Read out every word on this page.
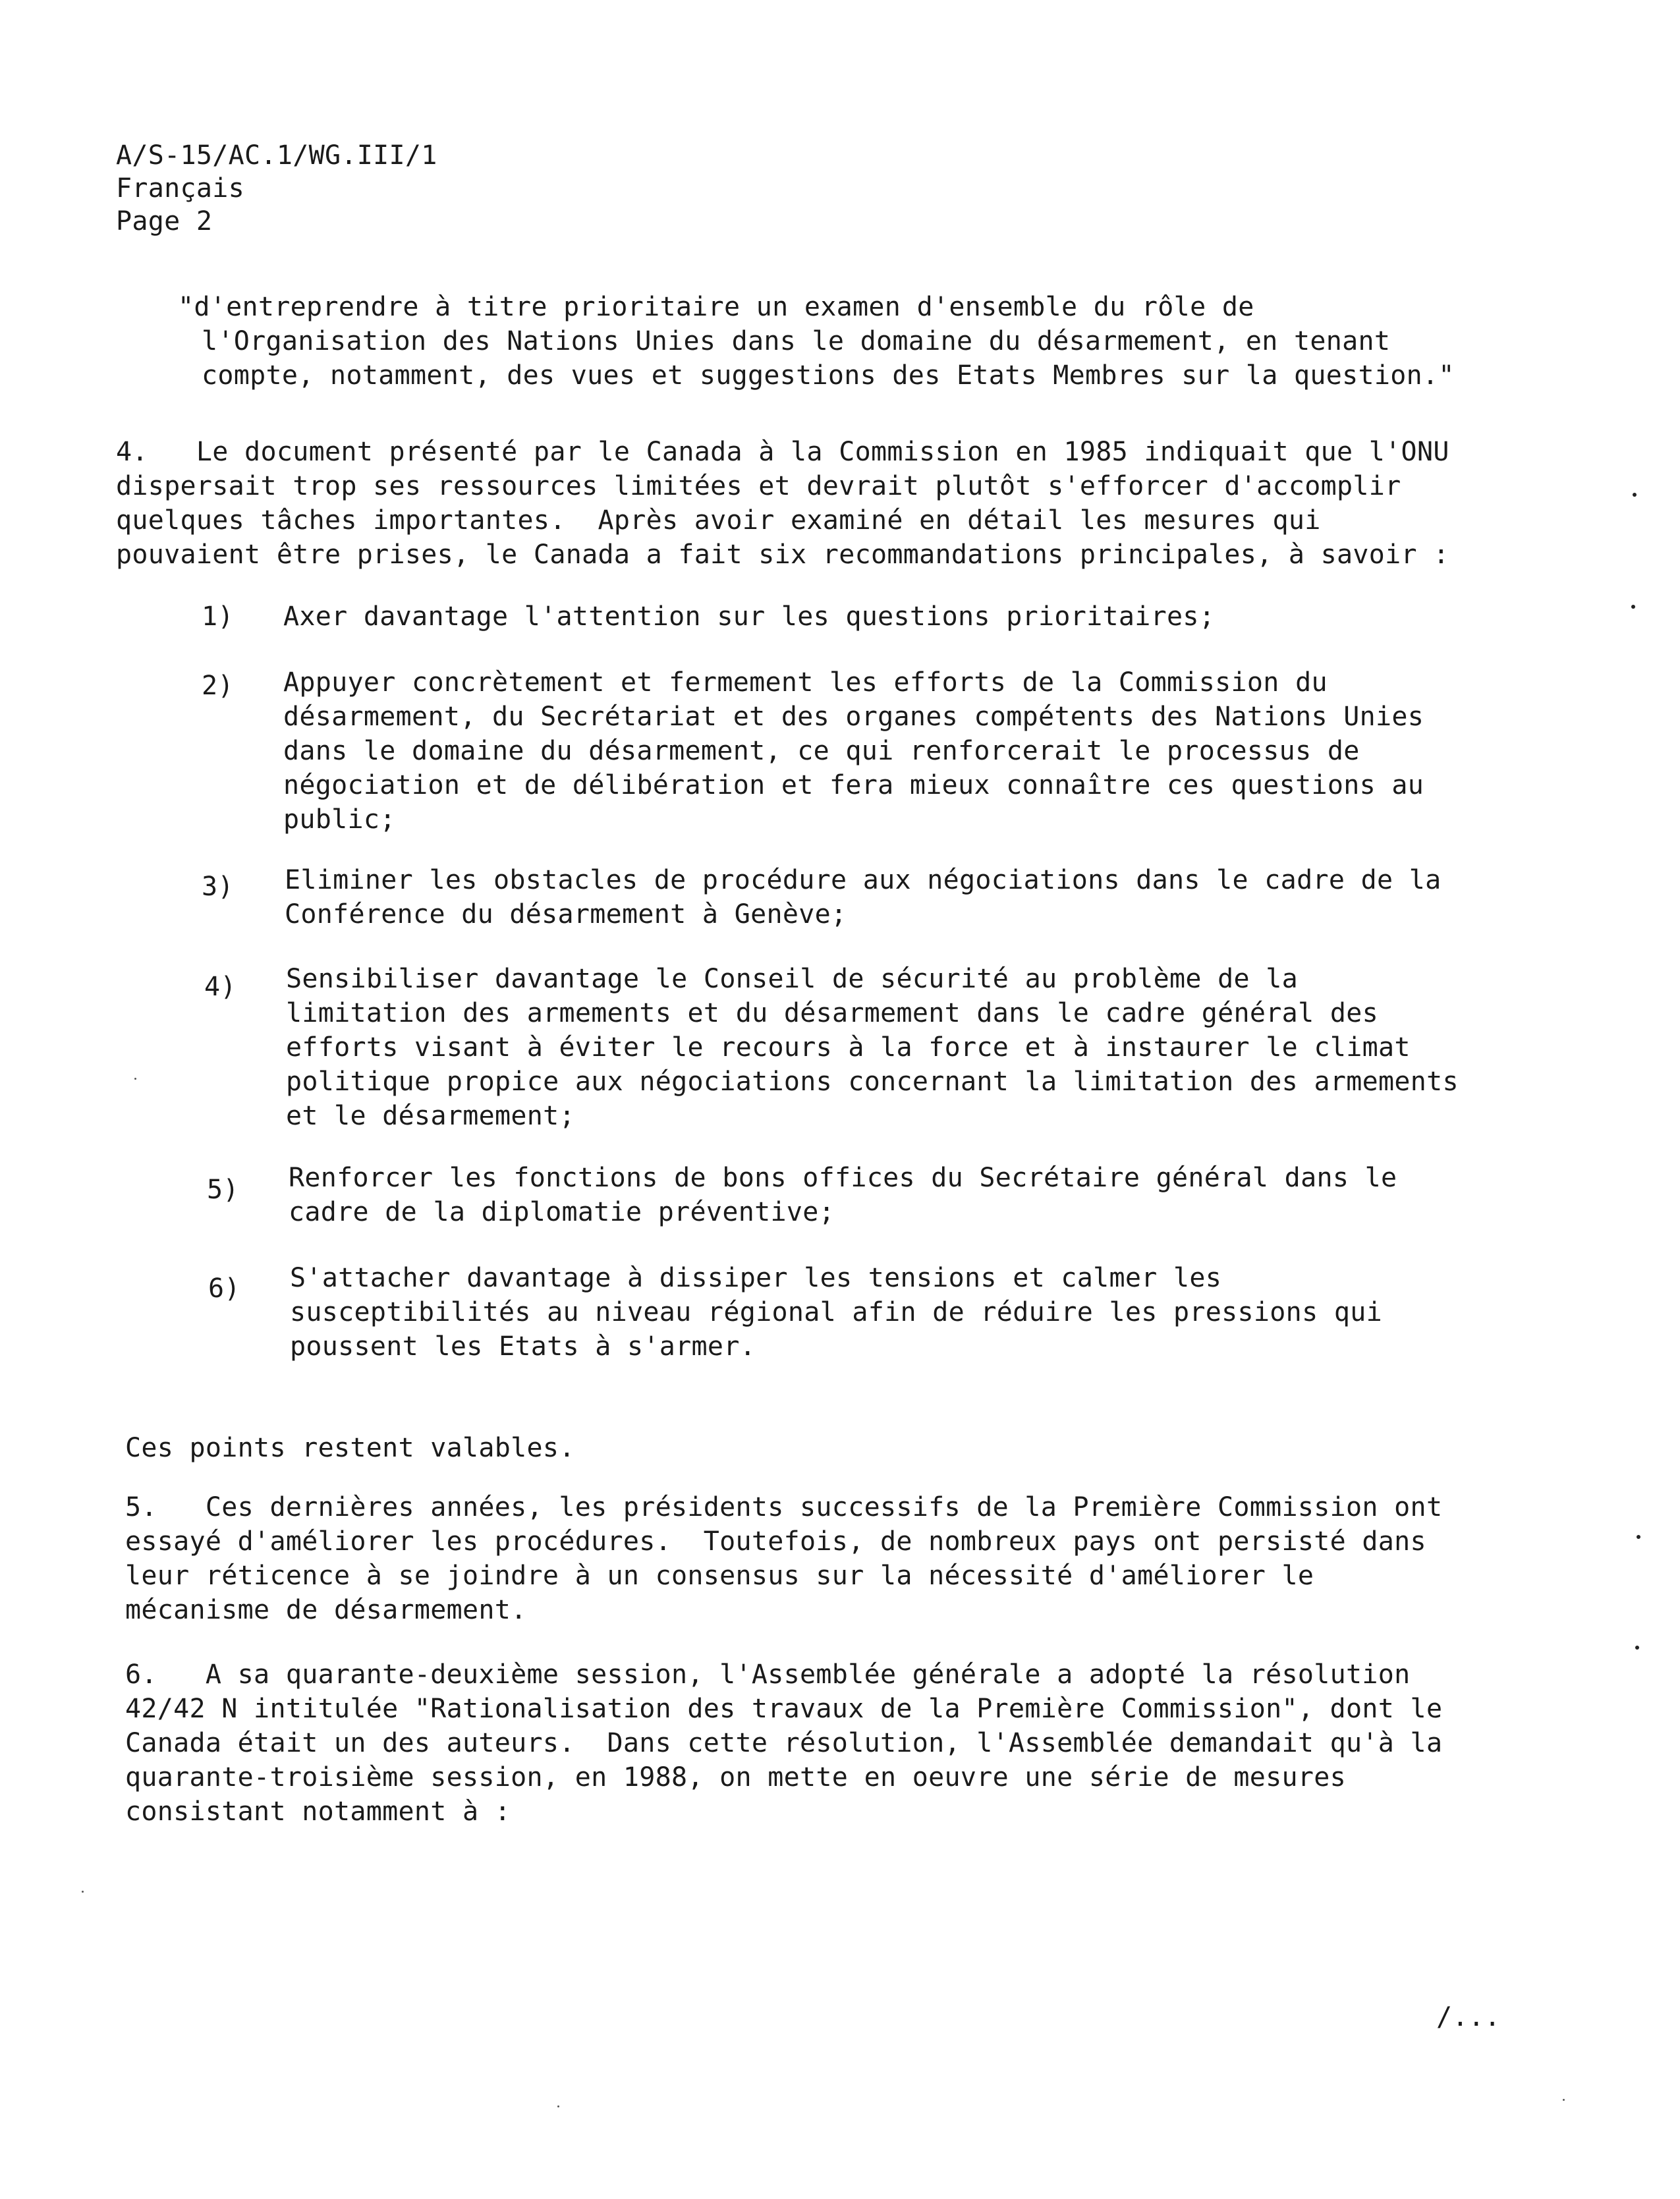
A/S-15/AC.1/WG.III/1
Français
Page 2
"d'entreprendre à titre prioritaire un examen d'ensemble du rôle de
l'Organisation des Nations Unies dans le domaine du désarmement, en tenant
compte, notamment, des vues et suggestions des Etats Membres sur la question."
4.   Le document présenté par le Canada à la Commission en 1985 indiquait que l'ONU
dispersait trop ses ressources limitées et devrait plutôt s'efforcer d'accomplir
quelques tâches importantes.  Après avoir examiné en détail les mesures qui
pouvaient être prises, le Canada a fait six recommandations principales, à savoir :
1) Axer davantage l'attention sur les questions prioritaires;
2) Appuyer concrètement et fermement les efforts de la Commission du
désarmement, du Secrétariat et des organes compétents des Nations Unies
dans le domaine du désarmement, ce qui renforcerait le processus de
négociation et de délibération et fera mieux connaître ces questions au
public;
3) Eliminer les obstacles de procédure aux négociations dans le cadre de la
Conférence du désarmement à Genève;
4) Sensibiliser davantage le Conseil de sécurité au problème de la
limitation des armements et du désarmement dans le cadre général des
efforts visant à éviter le recours à la force et à instaurer le climat
politique propice aux négociations concernant la limitation des armements
et le désarmement;
5) Renforcer les fonctions de bons offices du Secrétaire général dans le
cadre de la diplomatie préventive;
6) S'attacher davantage à dissiper les tensions et calmer les
susceptibilités au niveau régional afin de réduire les pressions qui
poussent les Etats à s'armer.
Ces points restent valables.
5.   Ces dernières années, les présidents successifs de la Première Commission ont
essayé d'améliorer les procédures.  Toutefois, de nombreux pays ont persisté dans
leur réticence à se joindre à un consensus sur la nécessité d'améliorer le
mécanisme de désarmement.
6.   A sa quarante-deuxième session, l'Assemblée générale a adopté la résolution
42/42 N intitulée "Rationalisation des travaux de la Première Commission", dont le
Canada était un des auteurs.  Dans cette résolution, l'Assemblée demandait qu'à la
quarante-troisième session, en 1988, on mette en oeuvre une série de mesures
consistant notamment à :
/...
